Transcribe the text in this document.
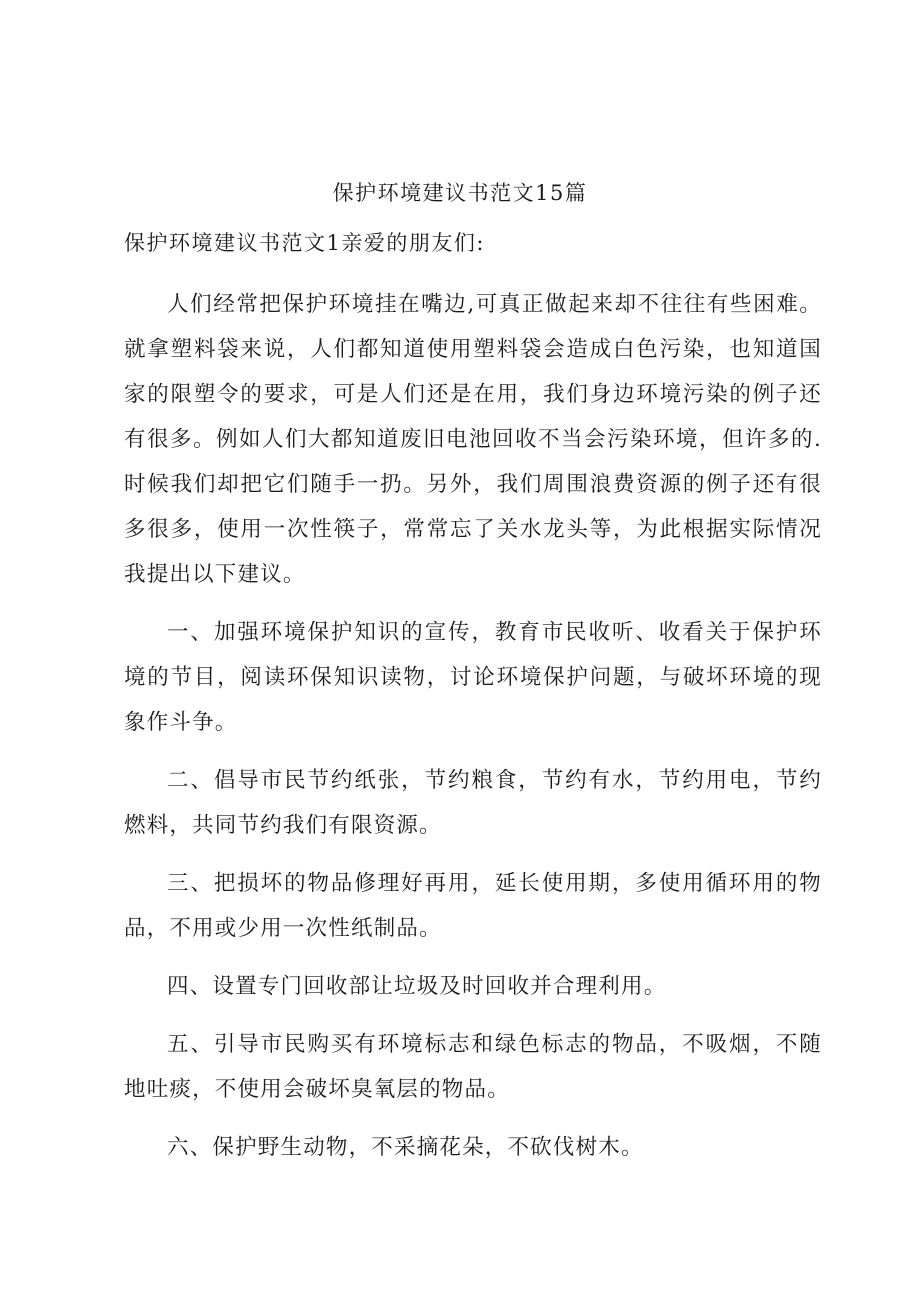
保护环境建议书范文15篇
保护环境建议书范文1亲爱的朋友们:

人们经常把保护环境挂在嘴边,可真正做起来却不往往有些困难。就拿塑料袋来说，人们都知道使用塑料袋会造成白色污染，也知道国家的限塑令的要求，可是人们还是在用，我们身边环境污染的例子还有很多。例如人们大都知道废旧电池回收不当会污染环境，但许多的.时候我们却把它们随手一扔。另外，我们周围浪费资源的例子还有很多很多，使用一次性筷子，常常忘了关水龙头等，为此根据实际情况我提出以下建议。

一、加强环境保护知识的宣传，教育市民收听、收看关于保护环境的节目，阅读环保知识读物，讨论环境保护问题，与破坏环境的现象作斗争。

二、倡导市民节约纸张，节约粮食，节约有水，节约用电，节约燃料，共同节约我们有限资源。

三、把损坏的物品修理好再用，延长使用期，多使用循环用的物品，不用或少用一次性纸制品。

四、设置专门回收部让垃圾及时回收并合理利用。

五、引导市民购买有环境标志和绿色标志的物品，不吸烟，不随地吐痰，不使用会破坏臭氧层的物品。

六、保护野生动物，不采摘花朵，不砍伐树木。
